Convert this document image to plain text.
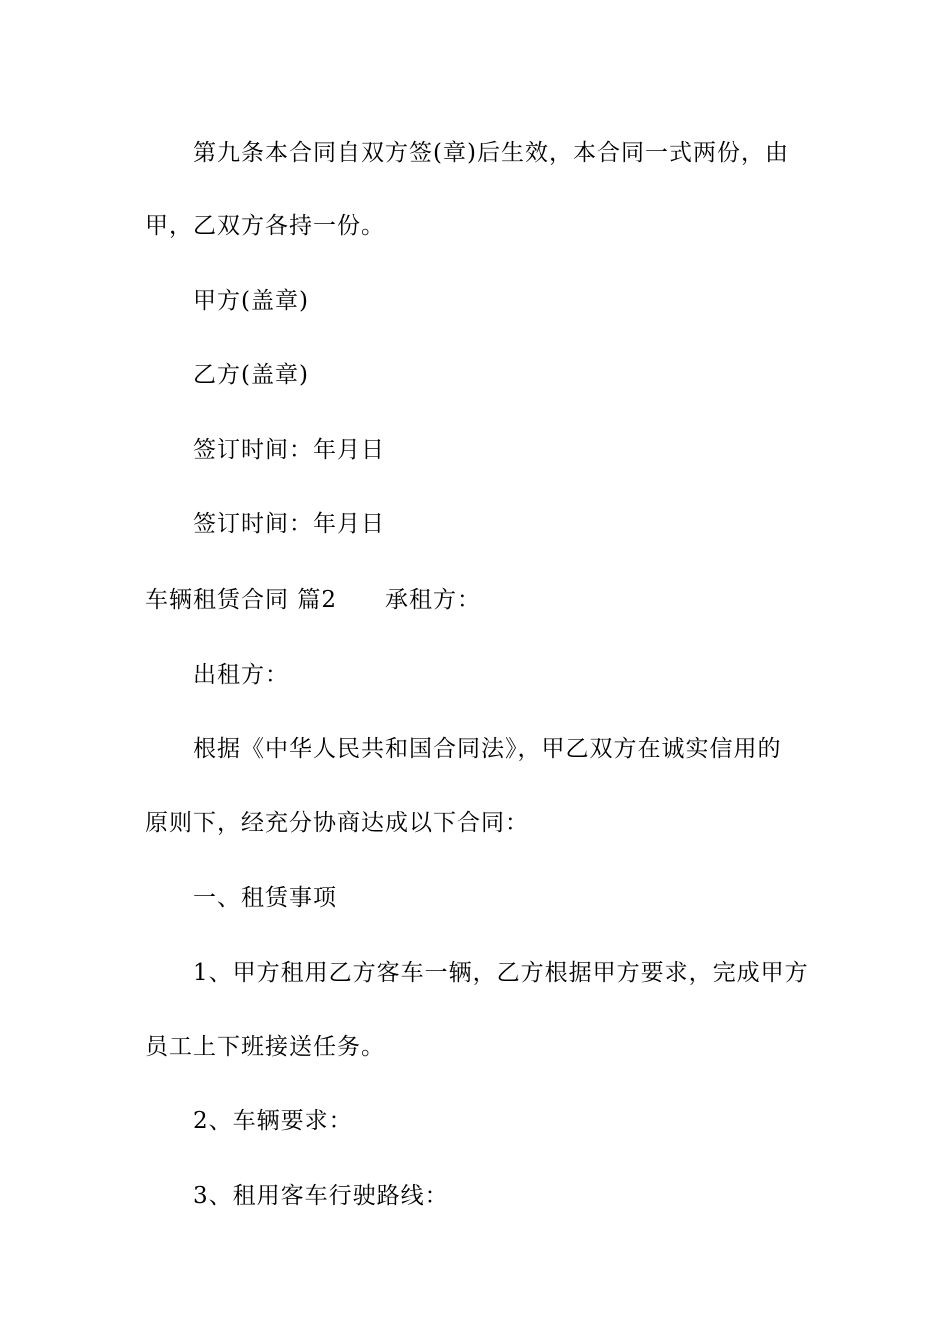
第九条本合同自双方签(章)后生效，本合同一式两份，由
甲，乙双方各持一份。
甲方(盖章)
乙方(盖章)
签订时间：年月日
签订时间：年月日
车辆租赁合同 篇2 承租方：
出租方：
根据《中华人民共和国合同法》，甲乙双方在诚实信用的
原则下，经充分协商达成以下合同：
一、租赁事项
1、甲方租用乙方客车一辆，乙方根据甲方要求，完成甲方
员工上下班接送任务。
2、车辆要求：
3、租用客车行驶路线：
